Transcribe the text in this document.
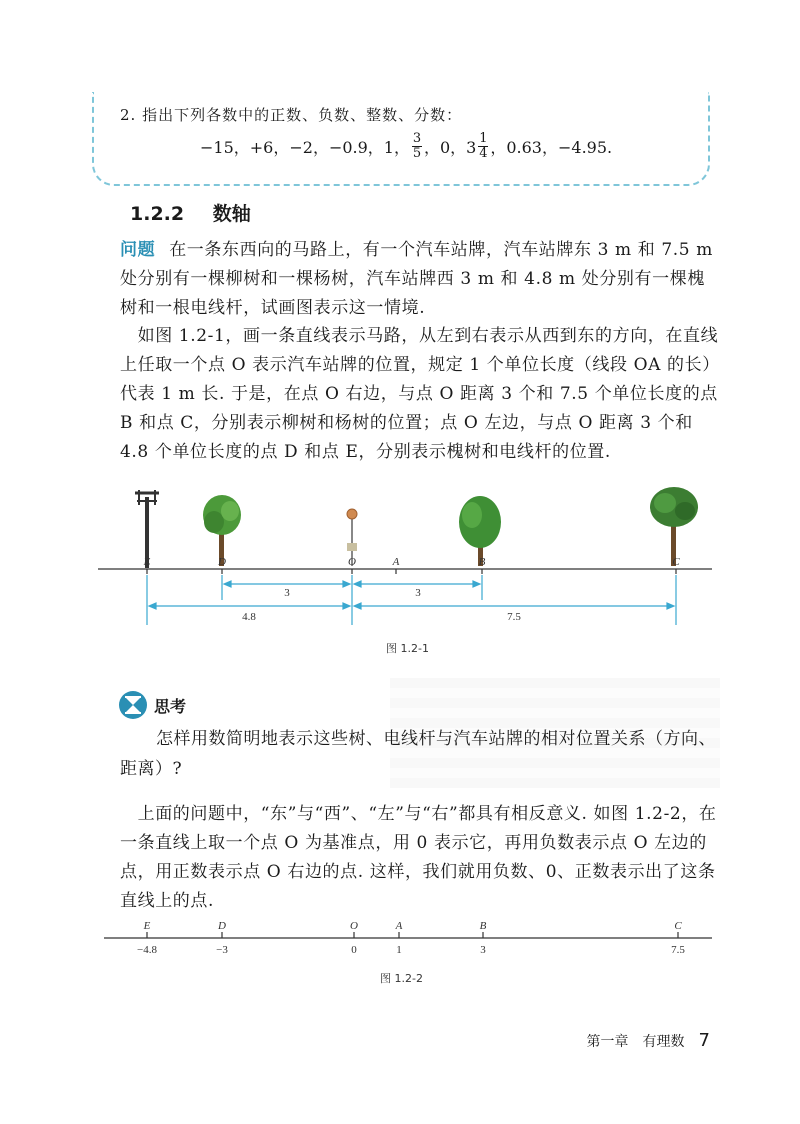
2. 指出下列各数中的正数、负数、整数、分数：
−15，+6，−2，−0.9，1， $\frac{3}{5}$ ，0，$3 \frac{1}{4}$ ，0.63，−4.95.
1.2.2 数轴
问题 在一条东西向的马路上，有一个汽车站牌，汽车站牌东 3 m 和 7.5 m 处分别有一棵柳树和一棵杨树，汽车站牌西 3 m 和 4.8 m 处分别有一棵槐树和一根电线杆，试画图表示这一情境.
　如图 1.2-1，画一条直线表示马路，从左到右表示从西到东的方向，在直线上任取一个点 O 表示汽车站牌的位置，规定 1 个单位长度（线段 OA 的长）代表 1 m 长. 于是，在点 O 右边，与点 O 距离 3 个和 7.5 个单位长度的点 B 和点 C，分别表示柳树和杨树的位置；点 O 左边，与点 O 距离 3 个和 4.8 个单位长度的点 D 和点 E，分别表示槐树和电线杆的位置.
E	D	O	A	B	C
3	3
4.8	7.5
图 1.2-1
思考
怎样用数简明地表示这些树、电线杆与汽车站牌的相对位置关系（方向、距离）?
　上面的问题中，“东”与“西”、“左”与“右”都具有相反意义. 如图 1.2-2，在一条直线上取一个点 O 为基准点，用 0 表示它，再用负数表示点 O 左边的点，用正数表示点 O 右边的点. 这样，我们就用负数、0、正数表示出了这条直线上的点.
E
−4.8
D
−3
O
0
A
1
B
3
C
7.5
图 1.2-2
第一章　有理数 7
